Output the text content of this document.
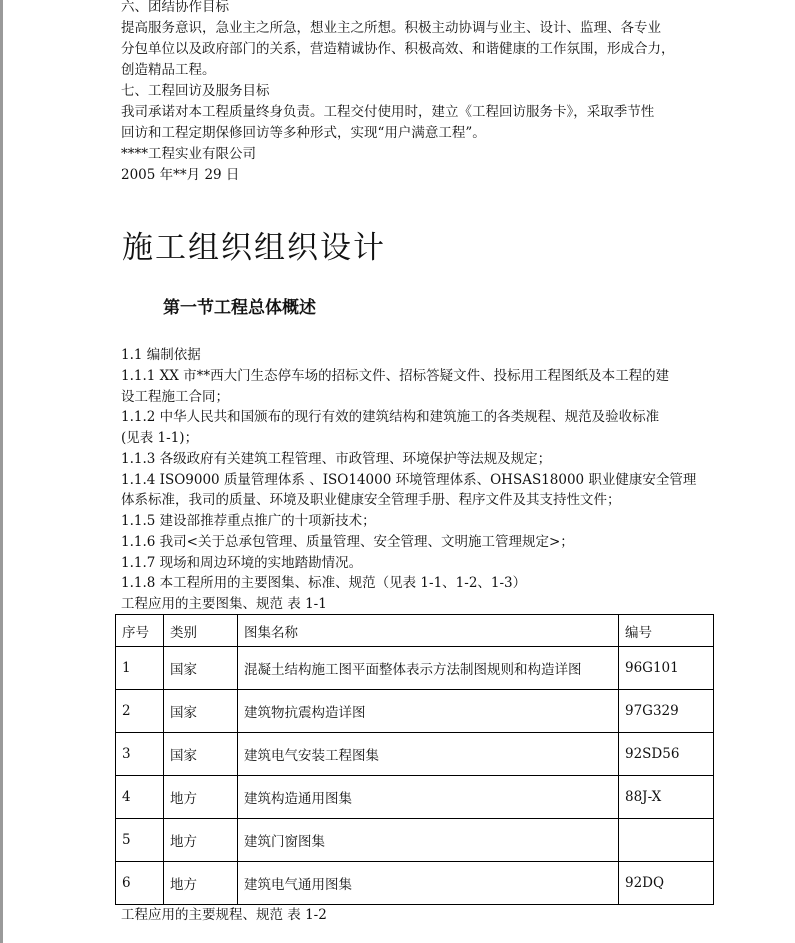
六、团结协作目标

提高服务意识，急业主之所急，想业主之所想。积极主动协调与业主、设计、监理、各专业

分包单位以及政府部门的关系，营造精诚协作、积极高效、和谐健康的工作氛围，形成合力，

创造精品工程。

七、工程回访及服务目标

我司承诺对本工程质量终身负责。工程交付使用时，建立《工程回访服务卡》，采取季节性

回访和工程定期保修回访等多种形式，实现“用户满意工程”。

****工程实业有限公司

2005 年**月 29 日

施工组织组织设计
第一节工程总体概述

1.1 编制依据

1.1.1 XX 市**西大门生态停车场的招标文件、招标答疑文件、投标用工程图纸及本工程的建

设工程施工合同；

1.1.2 中华人民共和国颁布的现行有效的建筑结构和建筑施工的各类规程、规范及验收标准

(见表 1-1)；

1.1.3 各级政府有关建筑工程管理、市政管理、环境保护等法规及规定；

1.1.4 ISO9000 质量管理体系 、ISO14000 环境管理体系、OHSAS18000 职业健康安全管理

体系标准，我司的质量、环境及职业健康安全管理手册、程序文件及其支持性文件；

1.1.5 建设部推荐重点推广的十项新技术；

1.1.6 我司<关于总承包管理、质量管理、安全管理、文明施工管理规定>；

1.1.7 现场和周边环境的实地踏勘情况。

1.1.8 本工程所用的主要图集、标准、规范（见表 1-1、1-2、1-3）

工程应用的主要图集、规范 表 1-1

序号	类别	图集名称	编号
1	国家	混凝土结构施工图平面整体表示方法制图规则和构造详图	96G101
2	国家	建筑物抗震构造详图	97G329
3	国家	建筑电气安装工程图集	92SD56
4	地方	建筑构造通用图集	88J-X
5	地方	建筑门窗图集	
6	地方	建筑电气通用图集	92DQ

工程应用的主要规程、规范 表 1-2
